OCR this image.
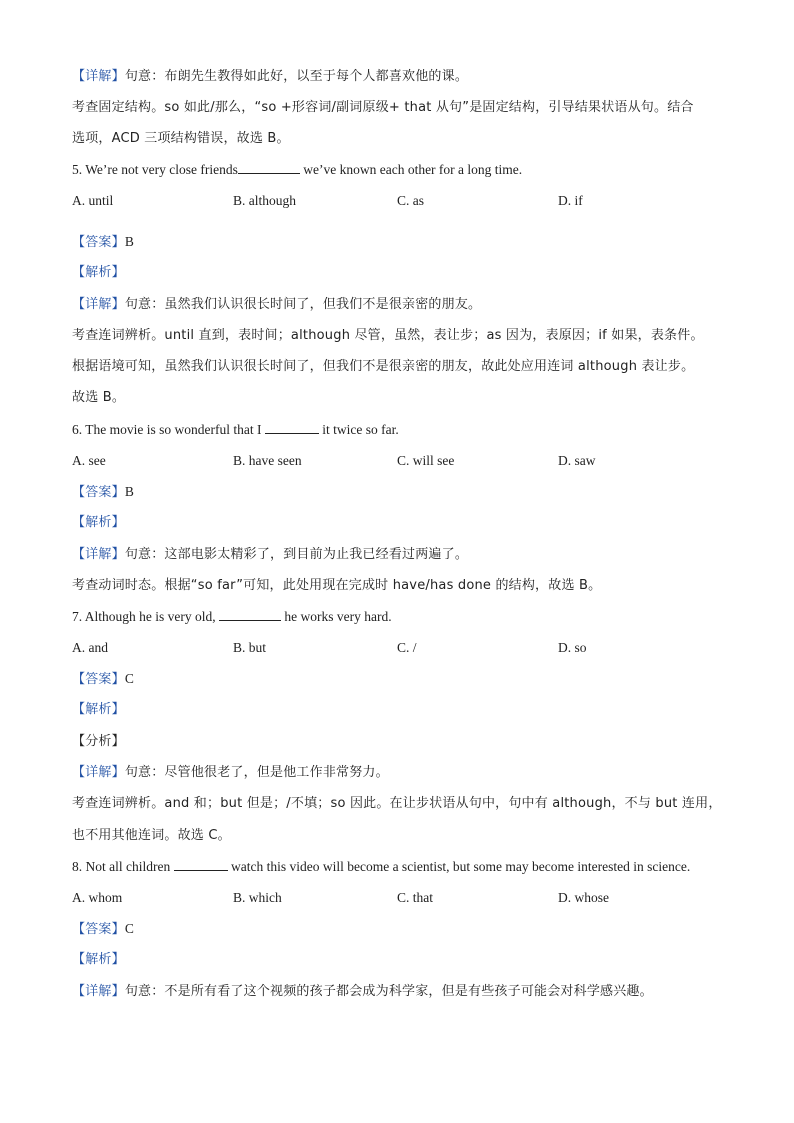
【详解】句意：布朗先生教得如此好，以至于每个人都喜欢他的课。
考查固定结构。so 如此/那么，“so +形容词/副词原级+ that 从句”是固定结构，引导结果状语从句。结合
选项，ACD 三项结构错误，故选 B。
5. We’re not very close friends	we’ve known each other for a long time.
A. until	B. although	C. as	D. if
【答案】B
【解析】
【详解】句意：虽然我们认识很长时间了，但我们不是很亲密的朋友。
考查连词辨析。until 直到，表时间；although 尽管，虽然，表让步；as 因为，表原因；if 如果，表条件。
根据语境可知，虽然我们认识很长时间了，但我们不是很亲密的朋友，故此处应用连词 although 表让步。
故选 B。
6. The movie is so wonderful that I	it twice so far.
A. see	B. have seen	C. will see	D. saw
【答案】B
【解析】
【详解】句意：这部电影太精彩了，到目前为止我已经看过两遍了。
考查动词时态。根据“so far”可知，此处用现在完成时 have/has done 的结构，故选 B。
7. Although he is very old,	he works very hard.
A. and	B. but	C. /	D. so
【答案】C
【解析】
【分析】
【详解】句意：尽管他很老了，但是他工作非常努力。
考查连词辨析。and 和；but 但是；/不填；so 因此。在让步状语从句中，句中有 although，不与 but 连用，
也不用其他连词。故选 C。
8. Not all children	watch this video will become a scientist, but some may become interested in science.
A. whom	B. which	C. that	D. whose
【答案】C
【解析】
【详解】句意：不是所有看了这个视频的孩子都会成为科学家，但是有些孩子可能会对科学感兴趣。
